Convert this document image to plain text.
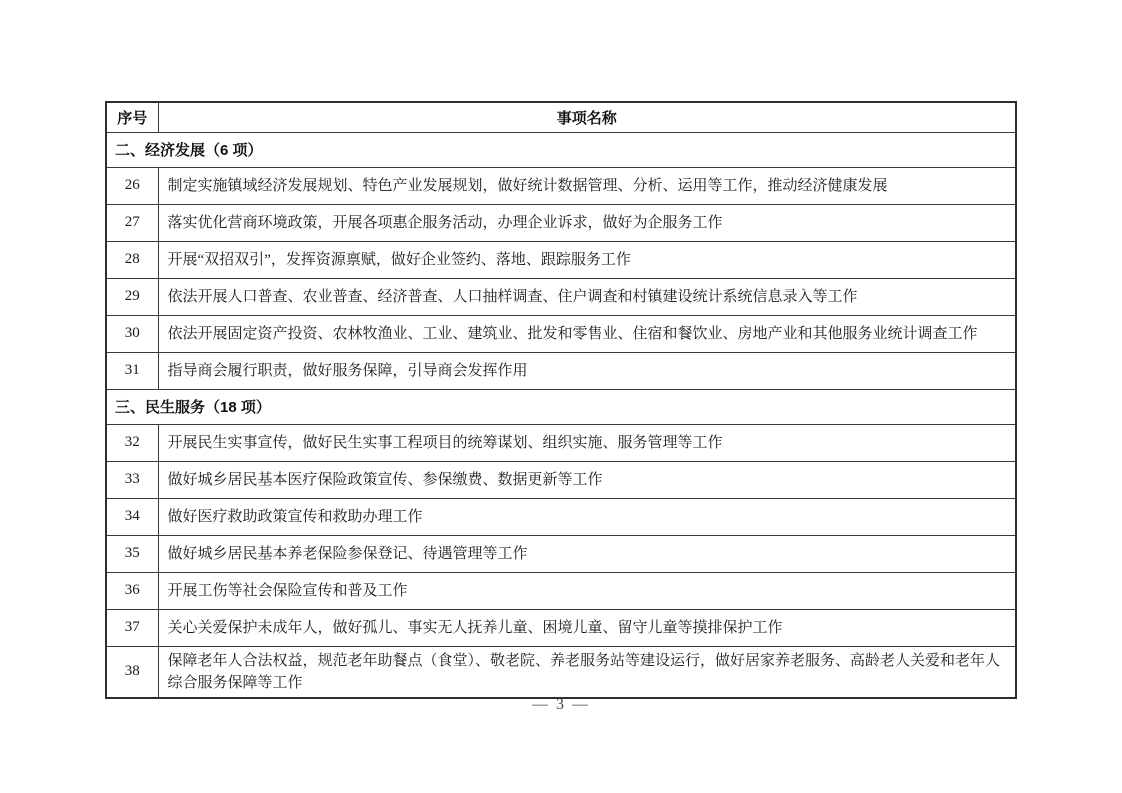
序号	事项名称
二、经济发展（6 项）	
26	制定实施镇域经济发展规划、特色产业发展规划，做好统计数据管理、分析、运用等工作，推动经济健康发展
27	落实优化营商环境政策，开展各项惠企服务活动，办理企业诉求，做好为企服务工作
28	开展“双招双引”，发挥资源禀赋，做好企业签约、落地、跟踪服务工作
29	依法开展人口普查、农业普查、经济普查、人口抽样调查、住户调查和村镇建设统计系统信息录入等工作
30	依法开展固定资产投资、农林牧渔业、工业、建筑业、批发和零售业、住宿和餐饮业、房地产业和其他服务业统计调查工作
31	指导商会履行职责，做好服务保障，引导商会发挥作用
三、民生服务（18 项）	
32	开展民生实事宣传，做好民生实事工程项目的统筹谋划、组织实施、服务管理等工作
33	做好城乡居民基本医疗保险政策宣传、参保缴费、数据更新等工作
34	做好医疗救助政策宣传和救助办理工作
35	做好城乡居民基本养老保险参保登记、待遇管理等工作
36	开展工伤等社会保险宣传和普及工作
37	关心关爱保护未成年人，做好孤儿、事实无人抚养儿童、困境儿童、留守儿童等摸排保护工作
38	保障老年人合法权益，规范老年助餐点（食堂）、敬老院、养老服务站等建设运行，做好居家养老服务、高龄老人关爱和老年人综合服务保障等工作
— 3 —
